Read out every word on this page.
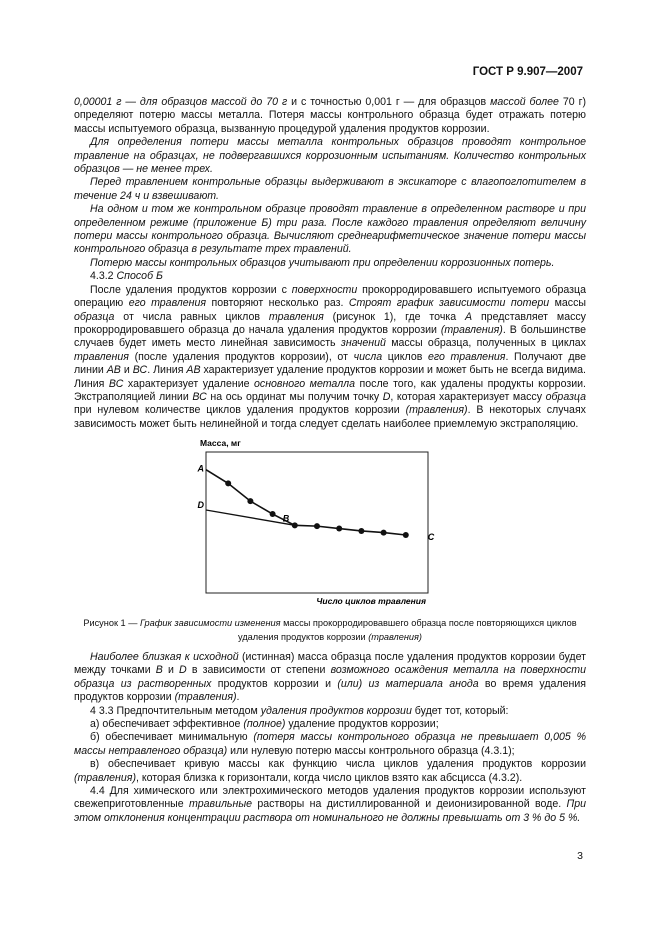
ГОСТ Р 9.907—2007

0,00001 г — для образцов массой до 70 г и с точностью 0,001 г — для образцов массой более 70 г) определяют потерю массы металла. Потеря массы контрольного образца будет отражать потерю массы испытуемого образца, вызванную процедурой удаления продуктов коррозии.

Для определения потери массы металла контрольных образцов проводят контрольное травление на образцах, не подвергавшихся коррозионным испытаниям. Количество контрольных образцов — не менее трех.

Перед травлением контрольные образцы выдерживают в эксикаторе с влагопоглотителем в течение 24 ч и взвешивают.

На одном и том же контрольном образце проводят травление в определенном растворе и при определенном режиме (приложение Б) три раза. После каждого травления определяют величину потери массы контрольного образца. Вычисляют среднеарифметическое значение потери массы контрольного образца в результате трех травлений.

Потерю массы контрольных образцов учитывают при определении коррозионных потерь.

4.3.2 Способ Б

После удаления продуктов коррозии с поверхности прокорродировавшего испытуемого образца операцию его травления повторяют несколько раз. Строят график зависимости потери массы образца от числа равных циклов травления (рисунок 1), где точка А представляет массу прокорродировавшего образца до начала удаления продуктов коррозии (травления). В большинстве случаев будет иметь место линейная зависимость значений массы образца, полученных в циклах травления (после удаления продуктов коррозии), от числа циклов его травления. Получают две линии АВ и ВС. Линия АВ характеризует удаление продуктов коррозии и может быть не всегда видима. Линия ВС характеризует удаление основного металла после того, как удалены продукты коррозии. Экстраполяцией линии ВС на ось ординат мы получим точку D, которая характеризует массу образца при нулевом количестве циклов удаления продуктов коррозии (травления). В некоторых случаях зависимость может быть нелинейной и тогда следует сделать наиболее приемлемую экстраполяцию.

A
B
C
D
Масса, мг
Число циклов травления
Рисунок 1 — График зависимости изменения массы прокорродировавшего образца после повторяющихся циклов удаления продуктов коррозии (травления)

Наиболее близкая к исходной (истинная) масса образца после удаления продуктов коррозии будет между точками В и D в зависимости от степени возможного осаждения металла на поверхности образца из растворенных продуктов коррозии и (или) из материала анода во время удаления продуктов коррозии (травления).

4 3.3 Предпочтительным методом удаления продуктов коррозии будет тот, который:

а) обеспечивает эффективное (полное) удаление продуктов коррозии;

б) обеспечивает минимальную (потеря массы контрольного образца не превышает 0,005 % массы нетравленого образца) или нулевую потерю массы контрольного образца (4.3.1);

в) обеспечивает кривую массы как функцию числа циклов удаления продуктов коррозии (травления), которая близка к горизонтали, когда число циклов взято как абсцисса (4.3.2).

4.4 Для химического или электрохимического методов удаления продуктов коррозии используют свежеприготовленные травильные растворы на дистиллированной и деионизированной воде. При этом отклонения концентрации раствора от номинального не должны превышать от 3 % до 5 %.

3
